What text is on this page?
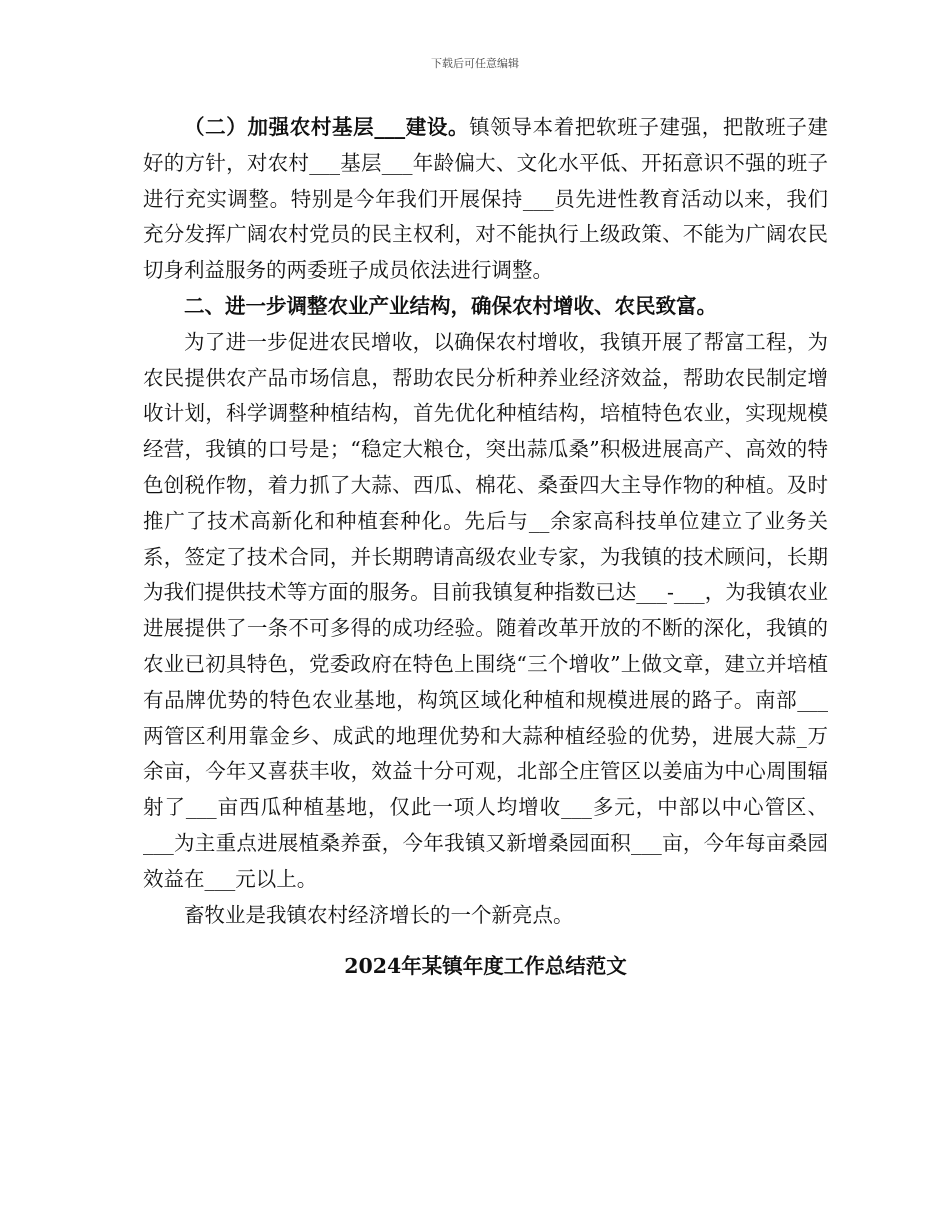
下载后可任意编辑

（二）加强农村基层___建设。镇领导本着把软班子建强，把散班子建好的方针，对农村___基层___年龄偏大、文化水平低、开拓意识不强的班子进行充实调整。特别是今年我们开展保持___员先进性教育活动以来，我们充分发挥广阔农村党员的民主权利，对不能执行上级政策、不能为广阔农民切身利益服务的两委班子成员依法进行调整。

二、进一步调整农业产业结构，确保农村增收、农民致富。

为了进一步促进农民增收，以确保农村增收，我镇开展了帮富工程，为农民提供农产品市场信息，帮助农民分析种养业经济效益，帮助农民制定增收计划，科学调整种植结构，首先优化种植结构，培植特色农业，实现规模经营，我镇的口号是；“稳定大粮仓，突出蒜瓜桑”积极进展高产、高效的特色创税作物，着力抓了大蒜、西瓜、棉花、桑蚕四大主导作物的种植。及时推广了技术高新化和种植套种化。先后与__余家高科技单位建立了业务关系，签定了技术合同，并长期聘请高级农业专家，为我镇的技术顾问，长期为我们提供技术等方面的服务。目前我镇复种指数已达___-___，为我镇农业进展提供了一条不可多得的成功经验。随着改革开放的不断的深化，我镇的农业已初具特色，党委政府在特色上围绕“三个增收”上做文章，建立并培植有品牌优势的特色农业基地，构筑区域化种植和规模进展的路子。南部___两管区利用靠金乡、成武的地理优势和大蒜种植经验的优势，进展大蒜_万余亩，今年又喜获丰收，效益十分可观，北部仝庄管区以姜庙为中心周围辐射了___亩西瓜种植基地，仅此一项人均增收___多元，中部以中心管区、___为主重点进展植桑养蚕，今年我镇又新增桑园面积___亩，今年每亩桑园效益在___元以上。

畜牧业是我镇农村经济增长的一个新亮点。

2024年某镇年度工作总结范文
